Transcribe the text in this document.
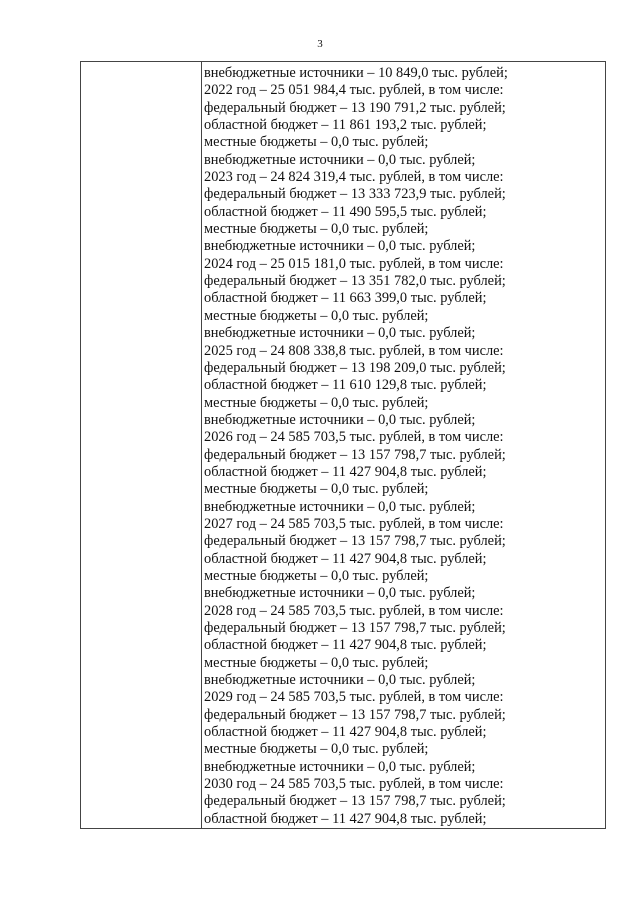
3
внебюджетные источники – 10 849,0 тыс. рублей;
2022 год – 25 051 984,4 тыс. рублей, в том числе:
федеральный бюджет – 13 190 791,2 тыс. рублей;
областной бюджет – 11 861 193,2 тыс. рублей;
местные бюджеты – 0,0 тыс. рублей;
внебюджетные источники – 0,0 тыс. рублей;
2023 год – 24 824 319,4 тыс. рублей, в том числе:
федеральный бюджет – 13 333 723,9 тыс. рублей;
областной бюджет – 11 490 595,5 тыс. рублей;
местные бюджеты – 0,0 тыс. рублей;
внебюджетные источники – 0,0 тыс. рублей;
2024 год – 25 015 181,0 тыс. рублей, в том числе:
федеральный бюджет – 13 351 782,0 тыс. рублей;
областной бюджет – 11 663 399,0 тыс. рублей;
местные бюджеты – 0,0 тыс. рублей;
внебюджетные источники – 0,0 тыс. рублей;
2025 год – 24 808 338,8 тыс. рублей, в том числе:
федеральный бюджет – 13 198 209,0 тыс. рублей;
областной бюджет – 11 610 129,8 тыс. рублей;
местные бюджеты – 0,0 тыс. рублей;
внебюджетные источники – 0,0 тыс. рублей;
2026 год – 24 585 703,5 тыс. рублей, в том числе:
федеральный бюджет – 13 157 798,7 тыс. рублей;
областной бюджет – 11 427 904,8 тыс. рублей;
местные бюджеты – 0,0 тыс. рублей;
внебюджетные источники – 0,0 тыс. рублей;
2027 год – 24 585 703,5 тыс. рублей, в том числе:
федеральный бюджет – 13 157 798,7 тыс. рублей;
областной бюджет – 11 427 904,8 тыс. рублей;
местные бюджеты – 0,0 тыс. рублей;
внебюджетные источники – 0,0 тыс. рублей;
2028 год – 24 585 703,5 тыс. рублей, в том числе:
федеральный бюджет – 13 157 798,7 тыс. рублей;
областной бюджет – 11 427 904,8 тыс. рублей;
местные бюджеты – 0,0 тыс. рублей;
внебюджетные источники – 0,0 тыс. рублей;
2029 год – 24 585 703,5 тыс. рублей, в том числе:
федеральный бюджет – 13 157 798,7 тыс. рублей;
областной бюджет – 11 427 904,8 тыс. рублей;
местные бюджеты – 0,0 тыс. рублей;
внебюджетные источники – 0,0 тыс. рублей;
2030 год – 24 585 703,5 тыс. рублей, в том числе:
федеральный бюджет – 13 157 798,7 тыс. рублей;
областной бюджет – 11 427 904,8 тыс. рублей;
